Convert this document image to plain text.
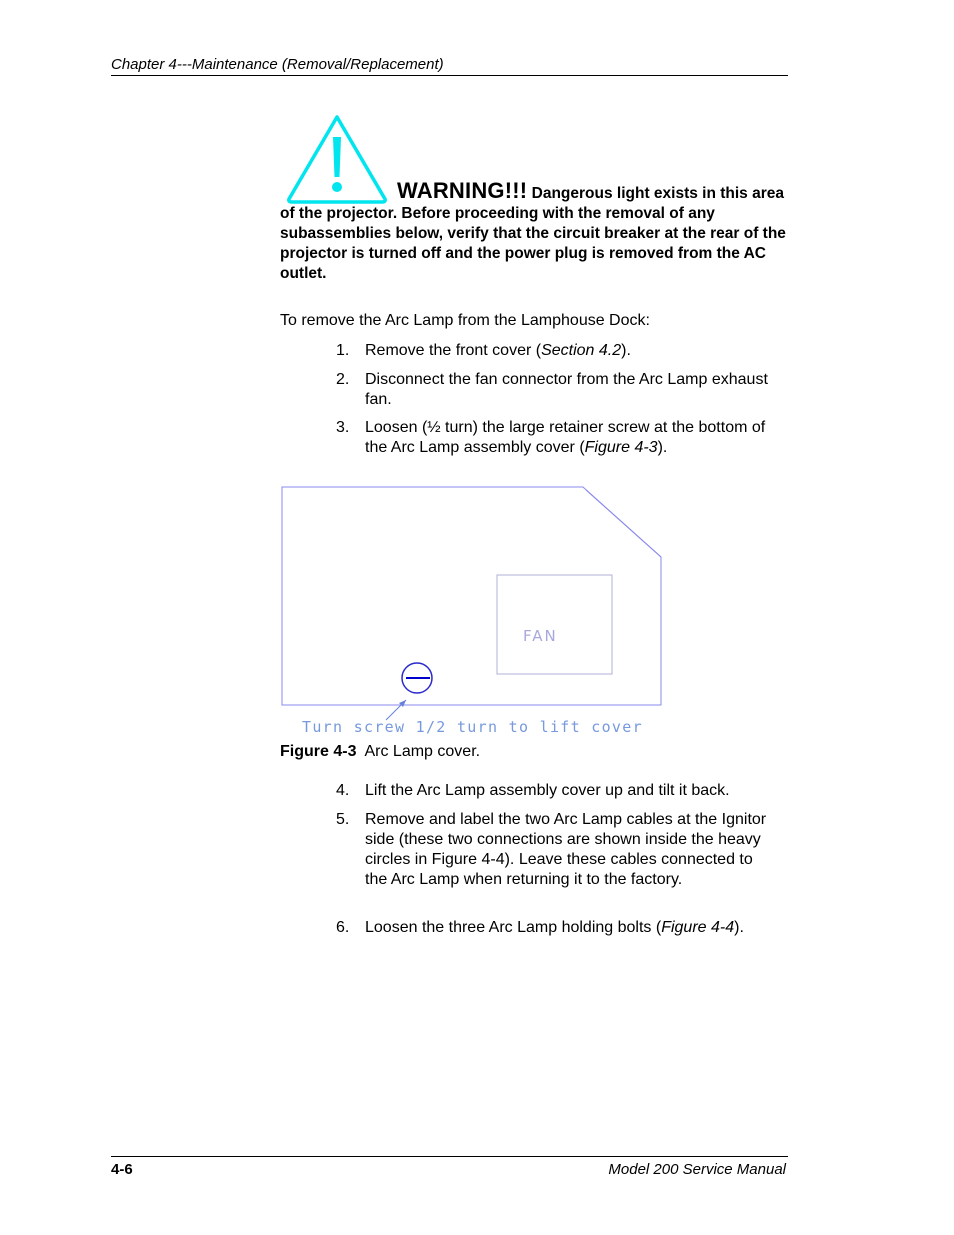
Chapter 4---Maintenance (Removal/Replacement)
WARNING!!! Dangerous light exists in this area of the projector. Before proceeding with the removal of any subassemblies below, verify that the circuit breaker at the rear of the projector is turned off and the power plug is removed from the AC outlet.
To remove the Arc Lamp from the Lamphouse Dock:
1. Remove the front cover (Section 4.2).
2. Disconnect the fan connector from the Arc Lamp exhaust fan.
3. Loosen (½ turn) the large retainer screw at the bottom of the Arc Lamp assembly cover (Figure 4-3).
FAN
Turn screw 1/2 turn to lift cover
Figure 4-3 Arc Lamp cover.
4. Lift the Arc Lamp assembly cover up and tilt it back.
5. Remove and label the two Arc Lamp cables at the Ignitor side (these two connections are shown inside the heavy circles in Figure 4-4). Leave these cables connected to the Arc Lamp when returning it to the factory.
6. Loosen the three Arc Lamp holding bolts (Figure 4-4).
4-6	Model 200 Service Manual
